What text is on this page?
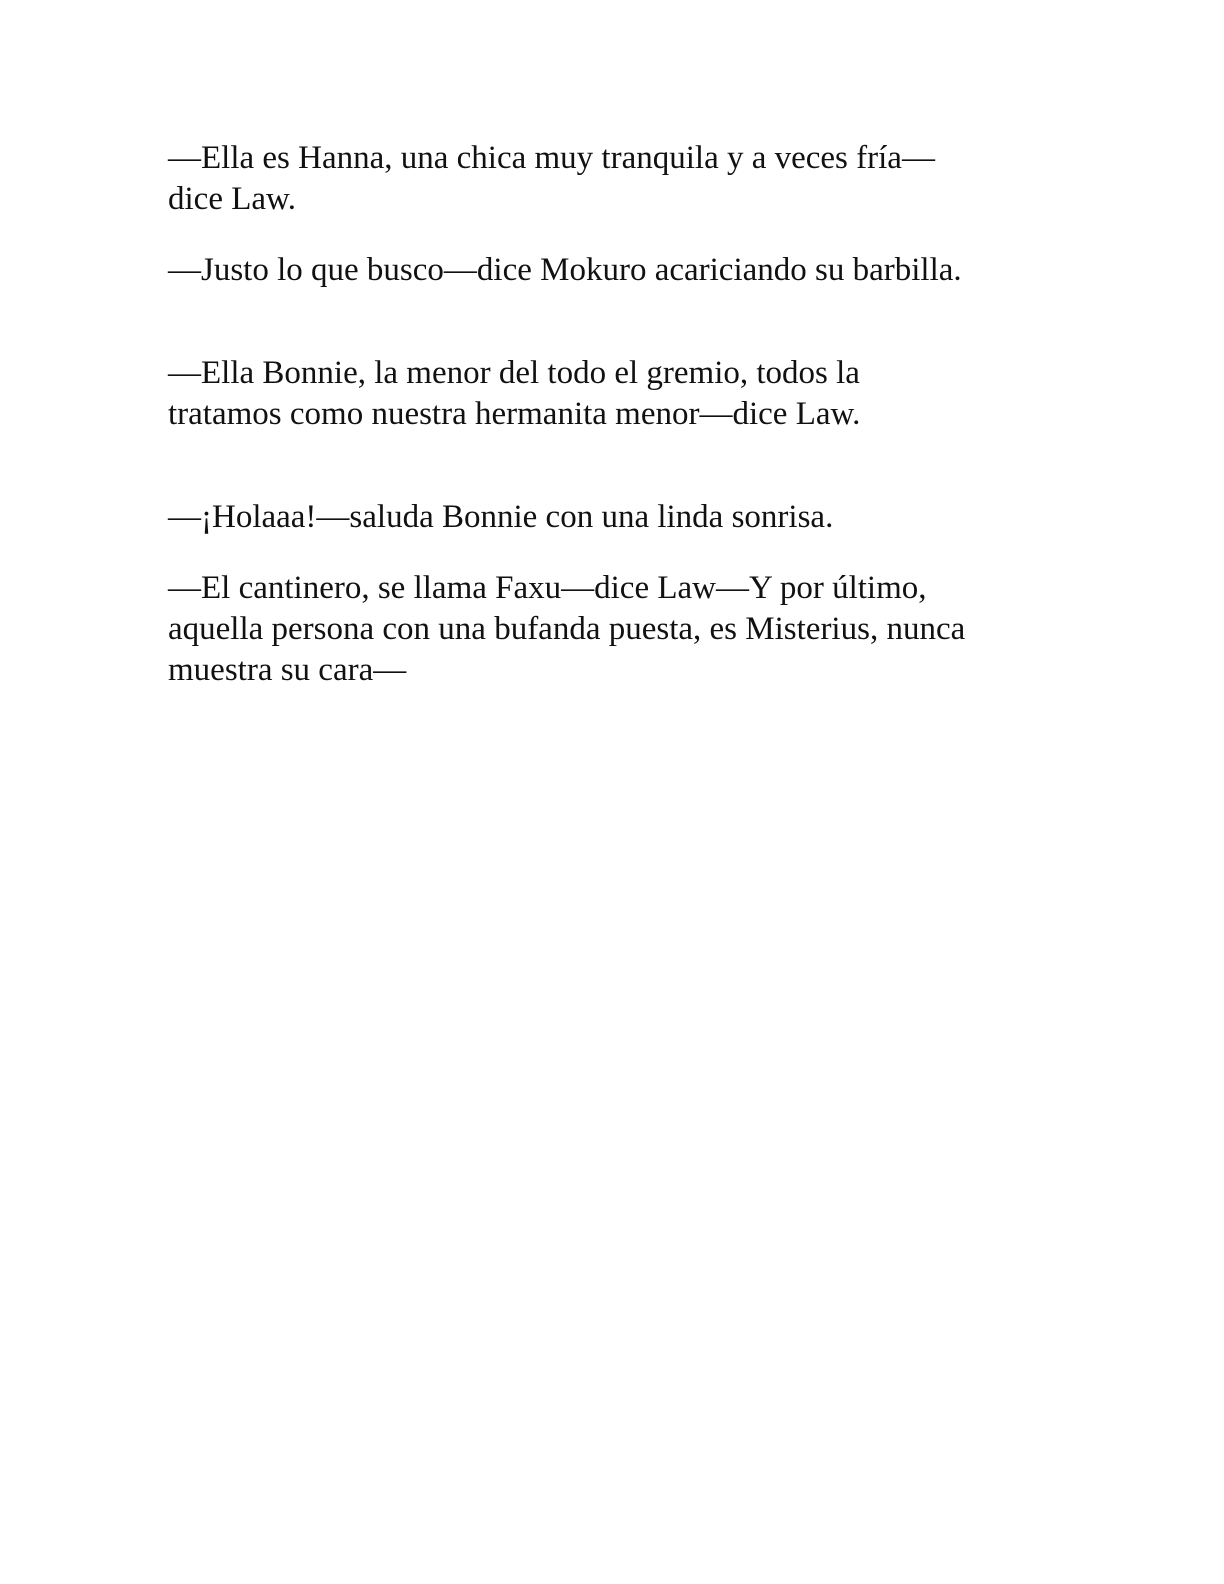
—Ella es Hanna, una chica muy tranquila y a veces fría—
dice Law.

—Justo lo que busco—dice Mokuro acariciando su barbilla.

—Ella Bonnie, la menor del todo el gremio, todos la
tratamos como nuestra hermanita menor—dice Law.

—¡Holaaa!—saluda Bonnie con una linda sonrisa.

—El cantinero, se llama Faxu—dice Law—Y por último,
aquella persona con una bufanda puesta, es Misterius, nunca
muestra su cara—
